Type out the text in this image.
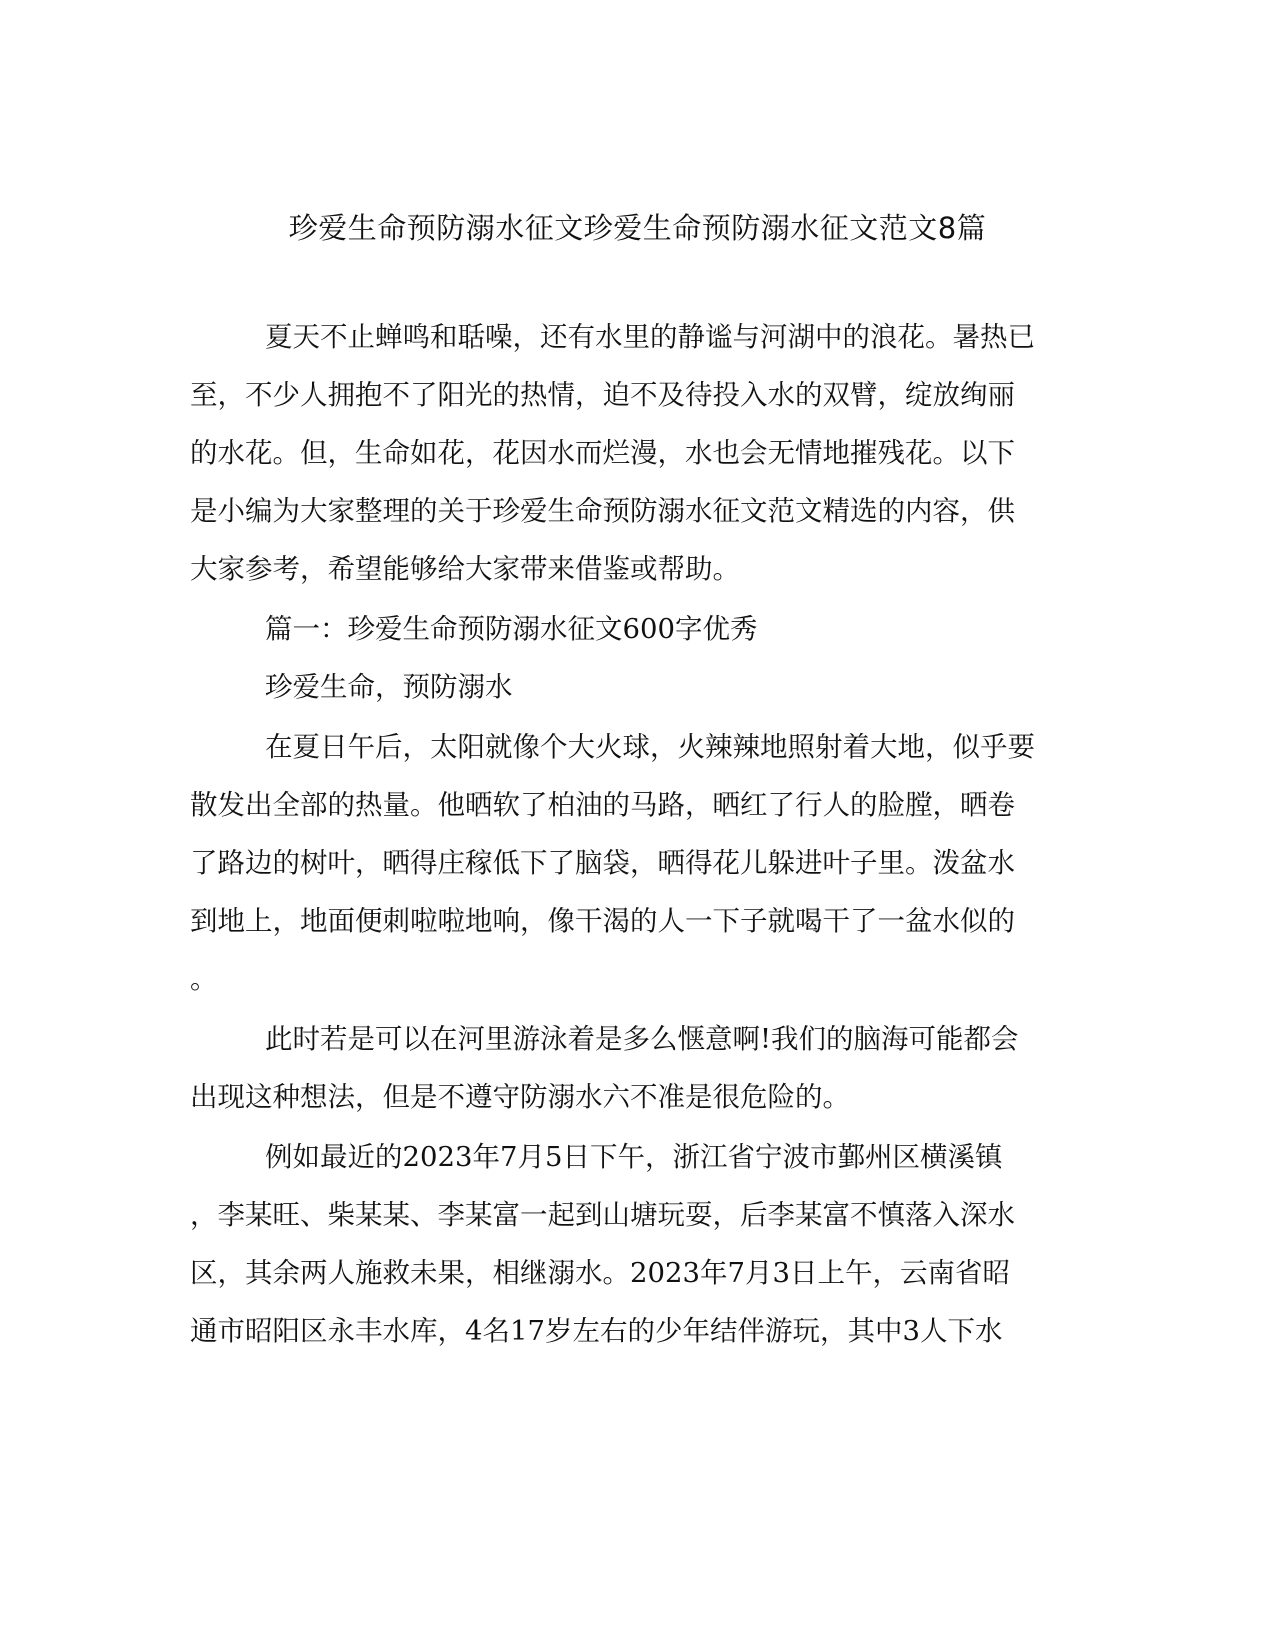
珍爱生命预防溺水征文珍爱生命预防溺水征文范文8篇
夏天不止蝉鸣和聒噪，还有水里的静谧与河湖中的浪花。暑热已
至，不少人拥抱不了阳光的热情，迫不及待投入水的双臂，绽放绚丽
的水花。但，生命如花，花因水而烂漫，水也会无情地摧残花。以下
是小编为大家整理的关于珍爱生命预防溺水征文范文精选的内容，供
大家参考，希望能够给大家带来借鉴或帮助。
篇一：珍爱生命预防溺水征文600字优秀
珍爱生命，预防溺水
在夏日午后，太阳就像个大火球，火辣辣地照射着大地，似乎要
散发出全部的热量。他晒软了柏油的马路，晒红了行人的脸膛，晒卷
了路边的树叶，晒得庄稼低下了脑袋，晒得花儿躲进叶子里。泼盆水
到地上，地面便刺啦啦地响，像干渴的人一下子就喝干了一盆水似的
。
此时若是可以在河里游泳着是多么惬意啊!我们的脑海可能都会
出现这种想法，但是不遵守防溺水六不准是很危险的。
例如最近的2023年7月5日下午，浙江省宁波市鄞州区横溪镇
，李某旺、柴某某、李某富一起到山塘玩耍，后李某富不慎落入深水
区，其余两人施救未果，相继溺水。2023年7月3日上午，云南省昭
通市昭阳区永丰水库，4名17岁左右的少年结伴游玩，其中3人下水
